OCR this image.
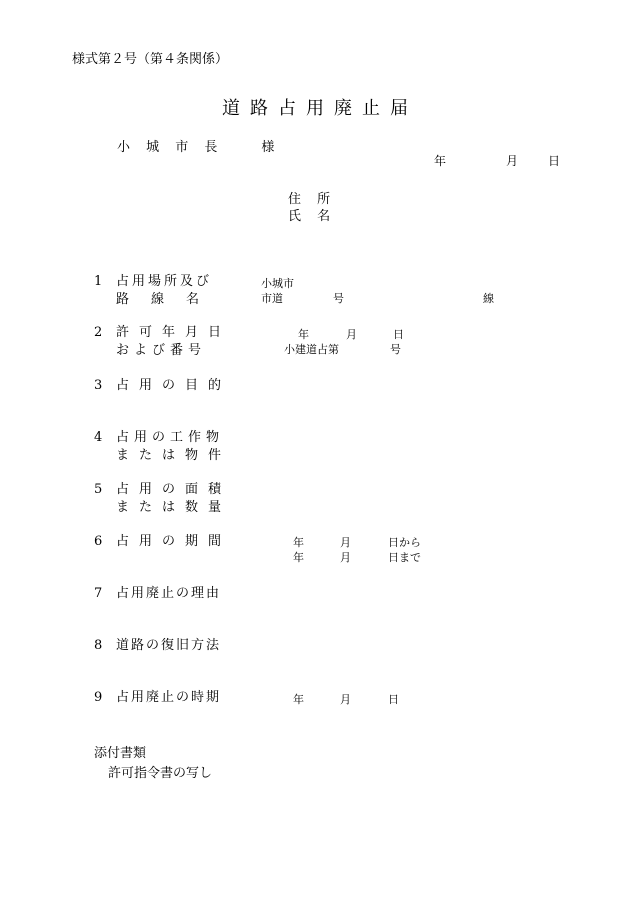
様式第２号（第４条関係）
道路占用廃止届
小 城 市 長　　様
年	月	日
住 所
氏 名
1 占用場所及び
路線名
小城市
市道	号	線
2 許可年月日
および番号
年	月	日
小建道占第	号
3 占用の目的
4 占用の工作物
または物件
5 占用の面積
または数量
6 占用の期間	年	月	日から
年	月	日まで
7 占用廃止の理由
8 道路の復旧方法
9 占用廃止の時期	年	月	日
添付書類
許可指令書の写し
